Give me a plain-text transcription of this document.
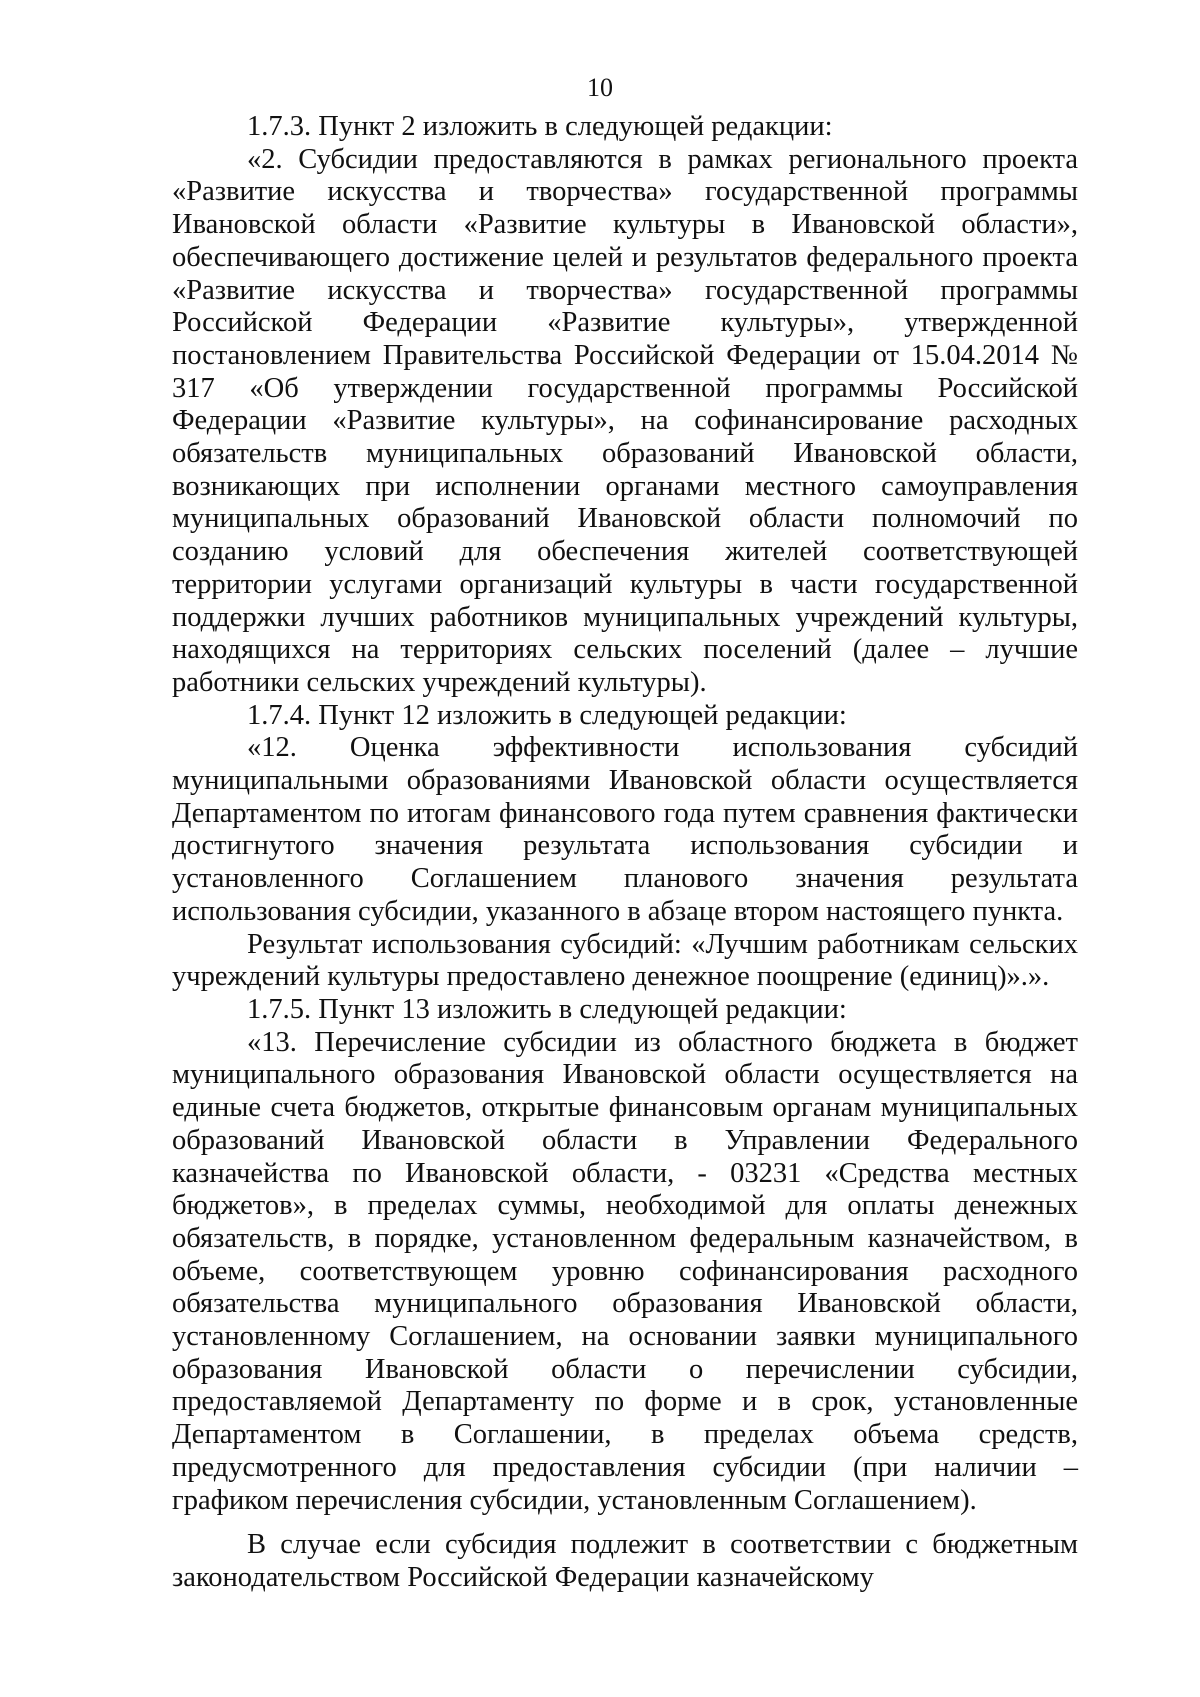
10

1.7.3. Пункт 2 изложить в следующей редакции:

«2. Субсидии предоставляются в рамках регионального проекта «Развитие искусства и творчества» государственной программы Ивановской области «Развитие культуры в Ивановской области», обеспечивающего достижение целей и результатов федерального проекта «Развитие искусства и творчества» государственной программы Российской Федерации «Развитие культуры», утвержденной постановлением Правительства Российской Федерации от 15.04.2014 № 317 «Об утверждении государственной программы Российской Федерации «Развитие культуры», на софинансирование расходных обязательств муниципальных образований Ивановской области, возникающих при исполнении органами местного самоуправления муниципальных образований Ивановской области полномочий по созданию условий для обеспечения жителей соответствующей территории услугами организаций культуры в части государственной поддержки лучших работников муниципальных учреждений культуры, находящихся на территориях сельских поселений (далее – лучшие работники сельских учреждений культуры).

1.7.4. Пункт 12 изложить в следующей редакции:

«12. Оценка эффективности использования субсидий муниципальными образованиями Ивановской области осуществляется Департаментом по итогам финансового года путем сравнения фактически достигнутого значения результата использования субсидии и установленного Соглашением планового значения результата использования субсидии, указанного в абзаце втором настоящего пункта.

Результат использования субсидий: «Лучшим работникам сельских учреждений культуры предоставлено денежное поощрение (единиц)».».

1.7.5. Пункт 13 изложить в следующей редакции:

«13. Перечисление субсидии из областного бюджета в бюджет муниципального образования Ивановской области осуществляется на единые счета бюджетов, открытые финансовым органам муниципальных образований Ивановской области в Управлении Федерального казначейства по Ивановской области, - 03231 «Средства местных бюджетов», в пределах суммы, необходимой для оплаты денежных обязательств, в порядке, установленном федеральным казначейством, в объеме, соответствующем уровню софинансирования расходного обязательства муниципального образования Ивановской области, установленному Соглашением, на основании заявки муниципального образования Ивановской области о перечислении субсидии, предоставляемой Департаменту по форме и в срок, установленные Департаментом в Соглашении, в пределах объема средств, предусмотренного для предоставления субсидии (при наличии – графиком перечисления субсидии, установленным Соглашением).

В случае если субсидия подлежит в соответствии с бюджетным законодательством Российской Федерации казначейскому
